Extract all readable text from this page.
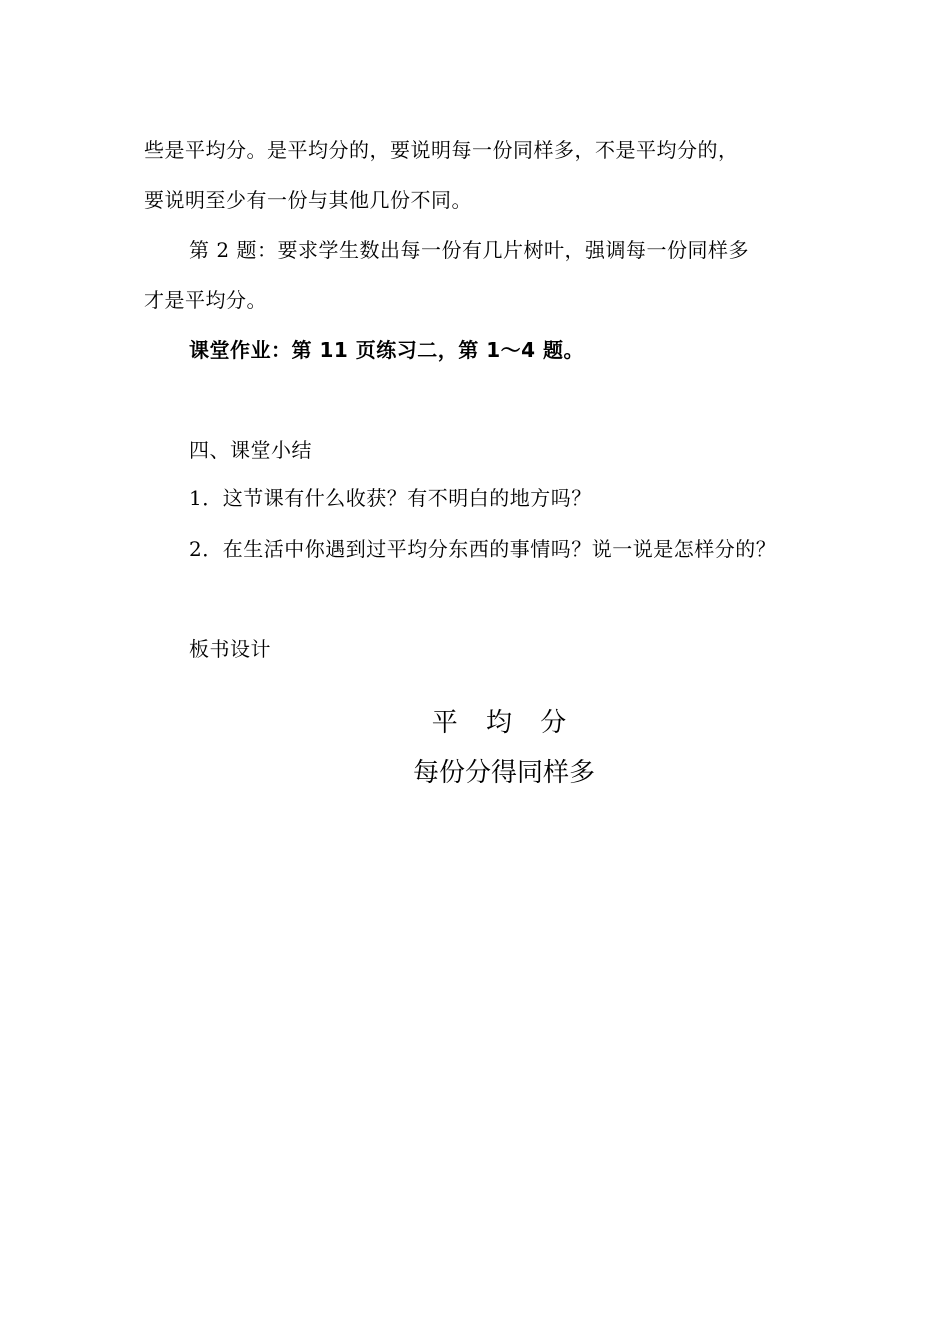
些是平均分。是平均分的，要说明每一份同样多，不是平均分的，
要说明至少有一份与其他几份不同。
第 2 题：要求学生数出每一份有几片树叶，强调每一份同样多
才是平均分。
课堂作业：第 11 页练习二，第 1～4 题。
四、课堂小结
1．这节课有什么收获？有不明白的地方吗？
2．在生活中你遇到过平均分东西的事情吗？说一说是怎样分的？
板书设计
平 均 分
每份分得同样多
